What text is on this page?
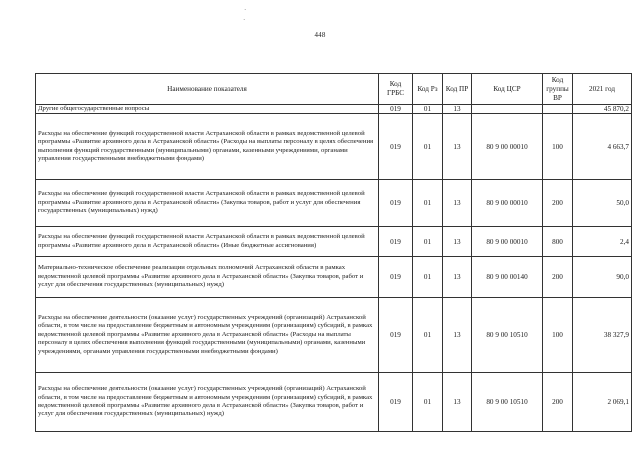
·
·
448
Наименование показателя	Код ГРБС	Код Рз	Код ПР	Код ЦСР	Код группы ВР	2021 год
Другие общегосударственные вопросы	019	01	13			45 870,2
Расходы на обеспечение функций государственной власти Астраханской области в рамках ведомственной целевой программы «Развитие архивного дела в Астраханской области» (Расходы на выплаты персоналу в целях обеспечения выполнения функций государственными (муниципальными) органами, казенными учреждениями, органами управления государственными внебюджетными фондами)	019	01	13	80 9 00 00010	100	4 663,7
Расходы на обеспечение функций государственной власти Астраханской области в рамках ведомственной целевой программы «Развитие архивного дела в Астраханской области» (Закупка товаров, работ и услуг для обеспечения государственных (муниципальных) нужд)	019	01	13	80 9 00 00010	200	50,0
Расходы на обеспечение функций государственной власти Астраханской области в рамках ведомственной целевой программы «Развитие архивного дела в Астраханской области» (Иные бюджетные ассигнования)	019	01	13	80 9 00 00010	800	2,4
Материально-техническое обеспечение реализации отдельных полномочий Астраханской области в рамках ведомственной целевой программы «Развитие архивного дела в Астраханской области» (Закупка товаров, работ и услуг для обеспечения государственных (муниципальных) нужд)	019	01	13	80 9 00 00140	200	90,0
Расходы на обеспечение деятельности (оказание услуг) государственных учреждений (организаций) Астраханской области, в том числе на предоставление бюджетным и автономным учреждениям (организациям) субсидий, в рамках ведомственной целевой программы «Развитие архивного дела в Астраханской области» (Расходы на выплаты персоналу в целях обеспечения выполнения функций государственными (муниципальными) органами, казенными учреждениями, органами управления государственными внебюджетными фондами)	019	01	13	80 9 00 10510	100	38 327,9
Расходы на обеспечение деятельности (оказание услуг) государственных учреждений (организаций) Астраханской области, в том числе на предоставление бюджетным и автономным учреждениям (организациям) субсидий, в рамках ведомственной целевой программы «Развитие архивного дела в Астраханской области» (Закупка товаров, работ и услуг для обеспечения государственных (муниципальных) нужд)	019	01	13	80 9 00 10510	200	2 069,1
